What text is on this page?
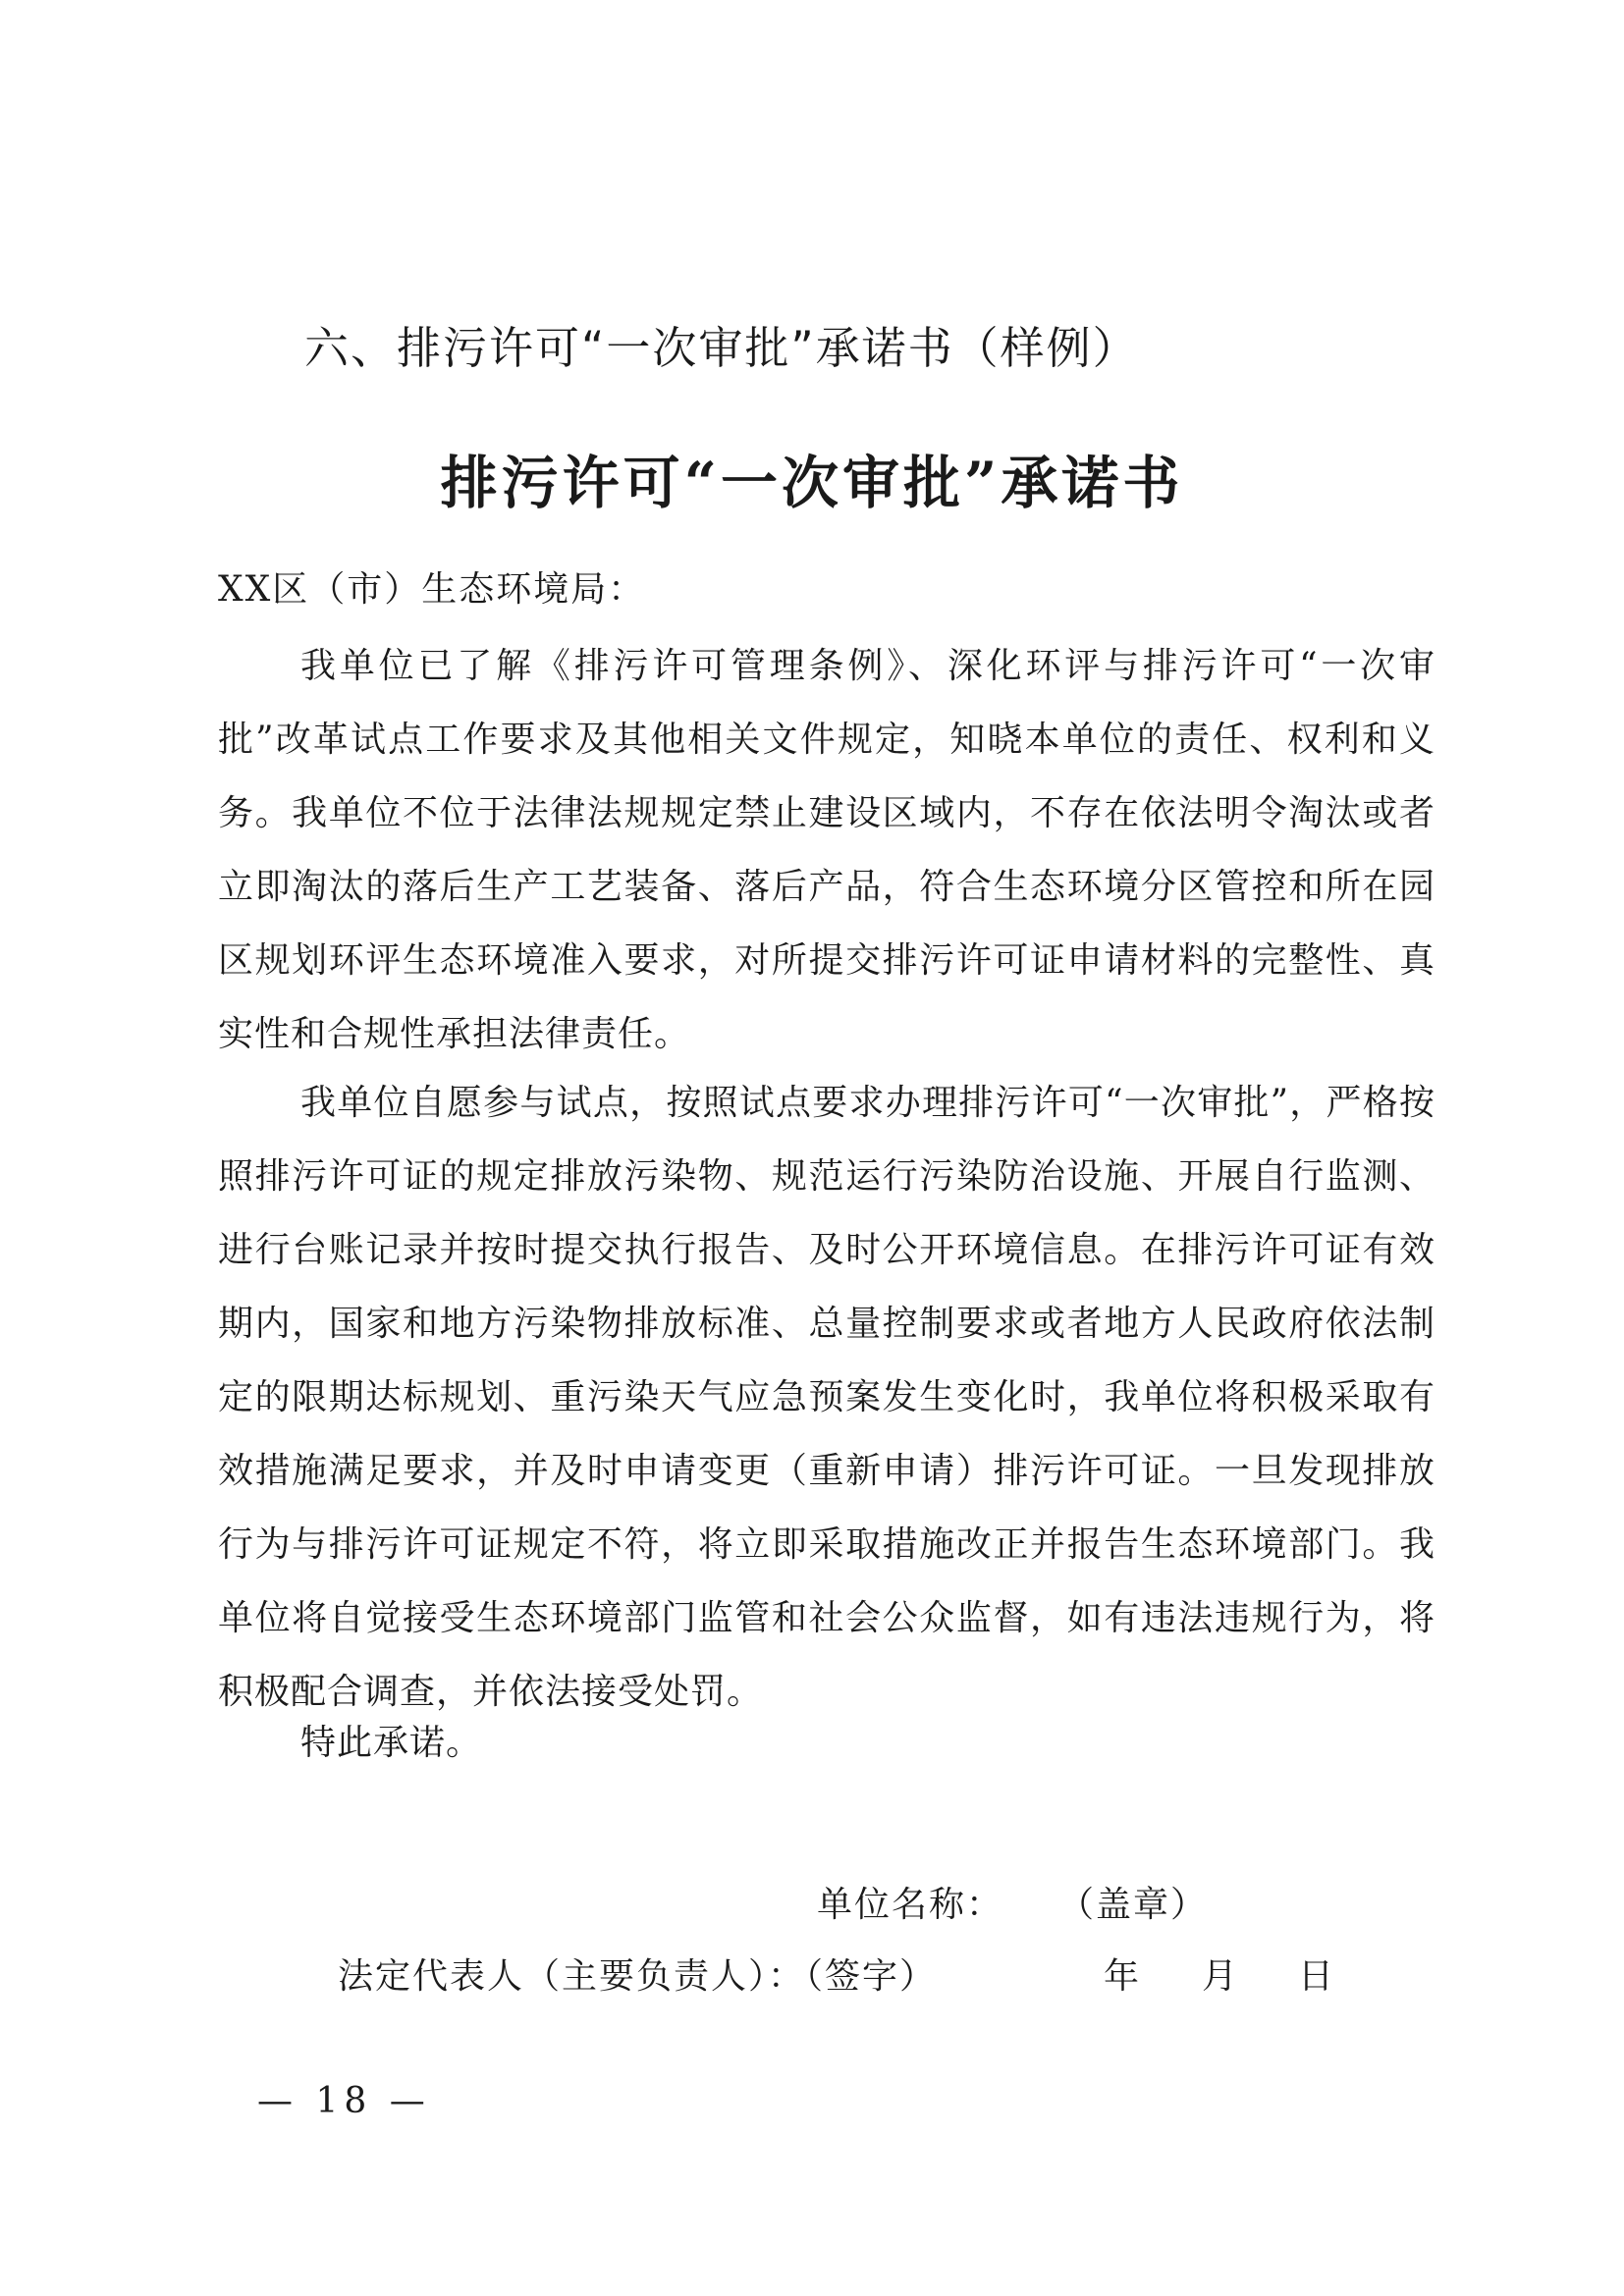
六、排污许可“一次审批”承诺书（样例）
排污许可“一次审批”承诺书

XX区（市）生态环境局：

我单位已了解《排污许可管理条例》、深化环评与排污许可“一次审批”改革试点工作要求及其他相关文件规定，知晓本单位的责任、权利和义务。我单位不位于法律法规规定禁止建设区域内，不存在依法明令淘汰或者立即淘汰的落后生产工艺装备、落后产品，符合生态环境分区管控和所在园区规划环评生态环境准入要求，对所提交排污许可证申请材料的完整性、真实性和合规性承担法律责任。

我单位自愿参与试点，按照试点要求办理排污许可“一次审批”，严格按照排污许可证的规定排放污染物、规范运行污染防治设施、开展自行监测、进行台账记录并按时提交执行报告、及时公开环境信息。在排污许可证有效期内，国家和地方污染物排放标准、总量控制要求或者地方人民政府依法制定的限期达标规划、重污染天气应急预案发生变化时，我单位将积极采取有效措施满足要求，并及时申请变更（重新申请）排污许可证。一旦发现排放行为与排污许可证规定不符，将立即采取措施改正并报告生态环境部门。我单位将自觉接受生态环境部门监管和社会公众监督，如有违法违规行为，将积极配合调查，并依法接受处罚。

特此承诺。

单位名称： （盖章）
法定代表人（主要负责人）：（签字）	年 月 日

— 18 —
